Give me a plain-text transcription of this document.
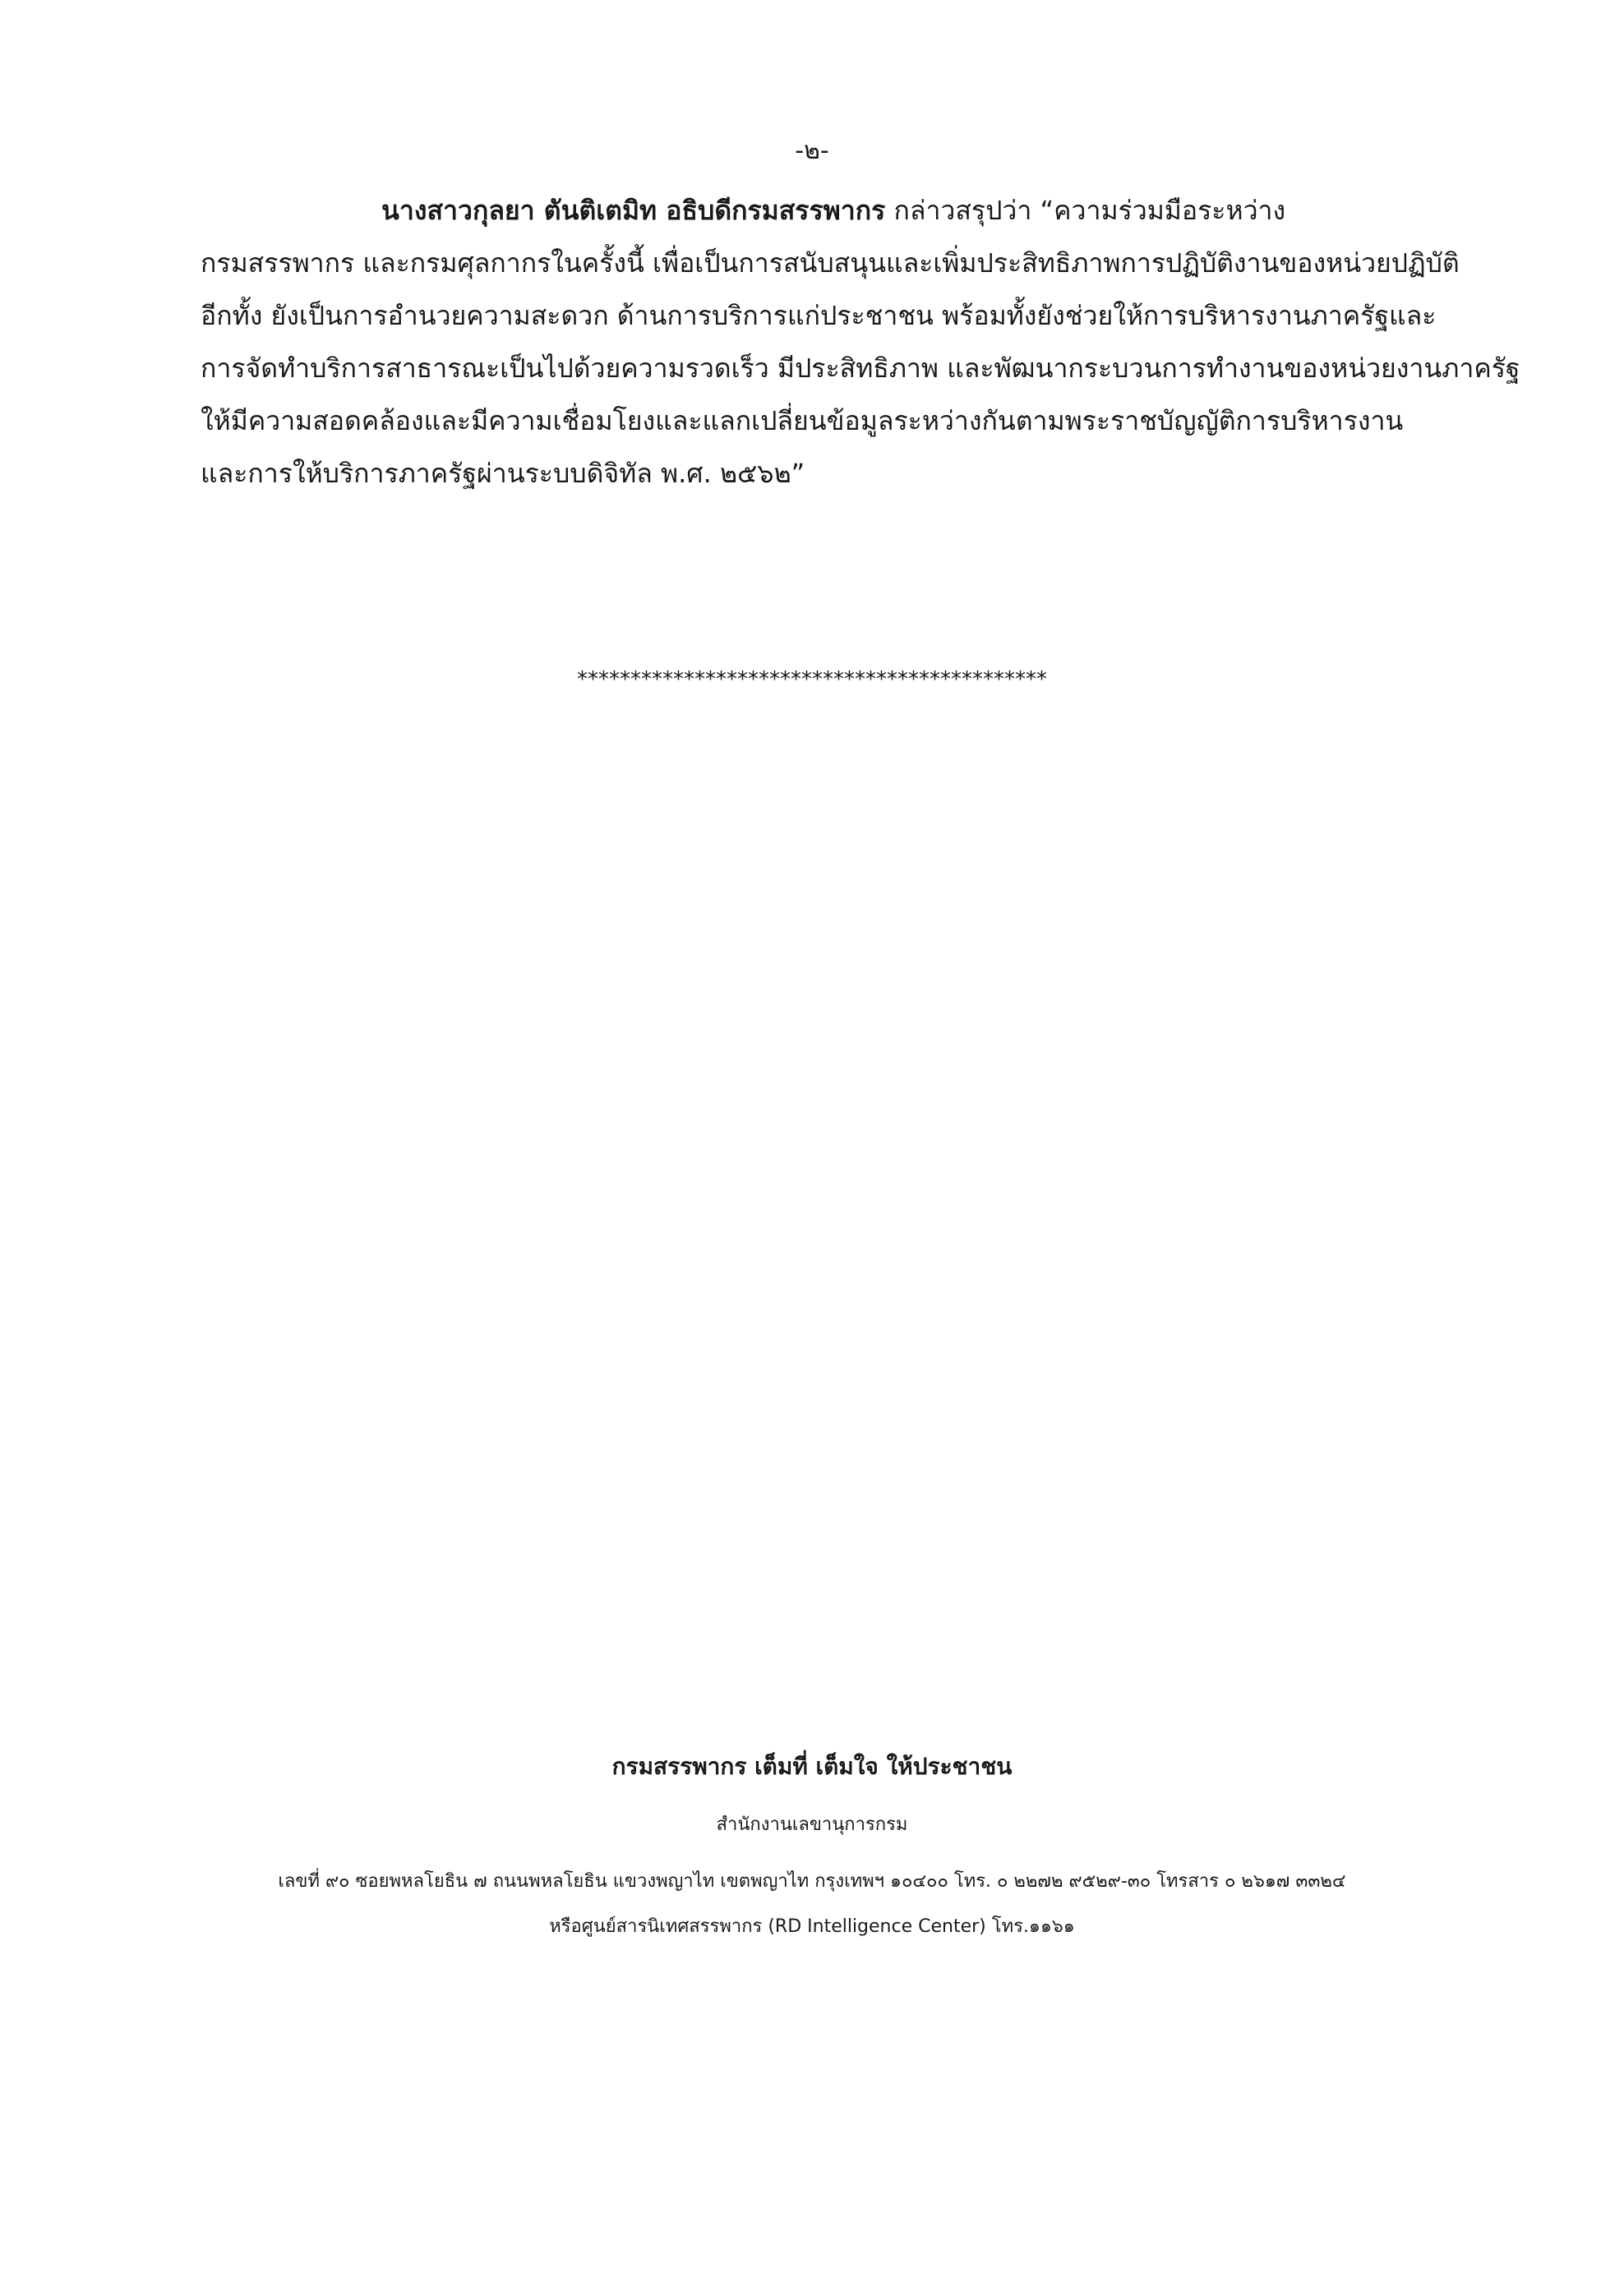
-๒-

นางสาวกุลยา ตันติเตมิท อธิบดีกรมสรรพากร กล่าวสรุปว่า “ความร่วมมือระหว่าง

กรมสรรพากร และกรมศุลกากรในครั้งนี้ เพื่อเป็นการสนับสนุนและเพิ่มประสิทธิภาพการปฏิบัติงานของหน่วยปฏิบัติ

อีกทั้ง ยังเป็นการอำนวยความสะดวก ด้านการบริการแก่ประชาชน พร้อมทั้งยังช่วยให้การบริหารงานภาครัฐและ

การจัดทำบริการสาธารณะเป็นไปด้วยความรวดเร็ว มีประสิทธิภาพ และพัฒนากระบวนการทำงานของหน่วยงานภาครัฐ

ให้มีความสอดคล้องและมีความเชื่อมโยงและแลกเปลี่ยนข้อมูลระหว่างกันตามพระราชบัญญัติการบริหารงาน

และการให้บริการภาครัฐผ่านระบบดิจิทัล พ.ศ. ๒๕๖๒”

********************************************

กรมสรรพากร เต็มที่ เต็มใจ ให้ประชาชน

สำนักงานเลขานุการกรม

เลขที่ ๙๐ ซอยพหลโยธิน ๗ ถนนพหลโยธิน แขวงพญาไท เขตพญาไท กรุงเทพฯ ๑๐๔๐๐ โทร. ๐ ๒๒๗๒ ๙๕๒๙-๓๐ โทรสาร ๐ ๒๖๑๗ ๓๓๒๔

หรือศูนย์สารนิเทศสรรพากร (RD Intelligence Center) โทร.๑๑๖๑
